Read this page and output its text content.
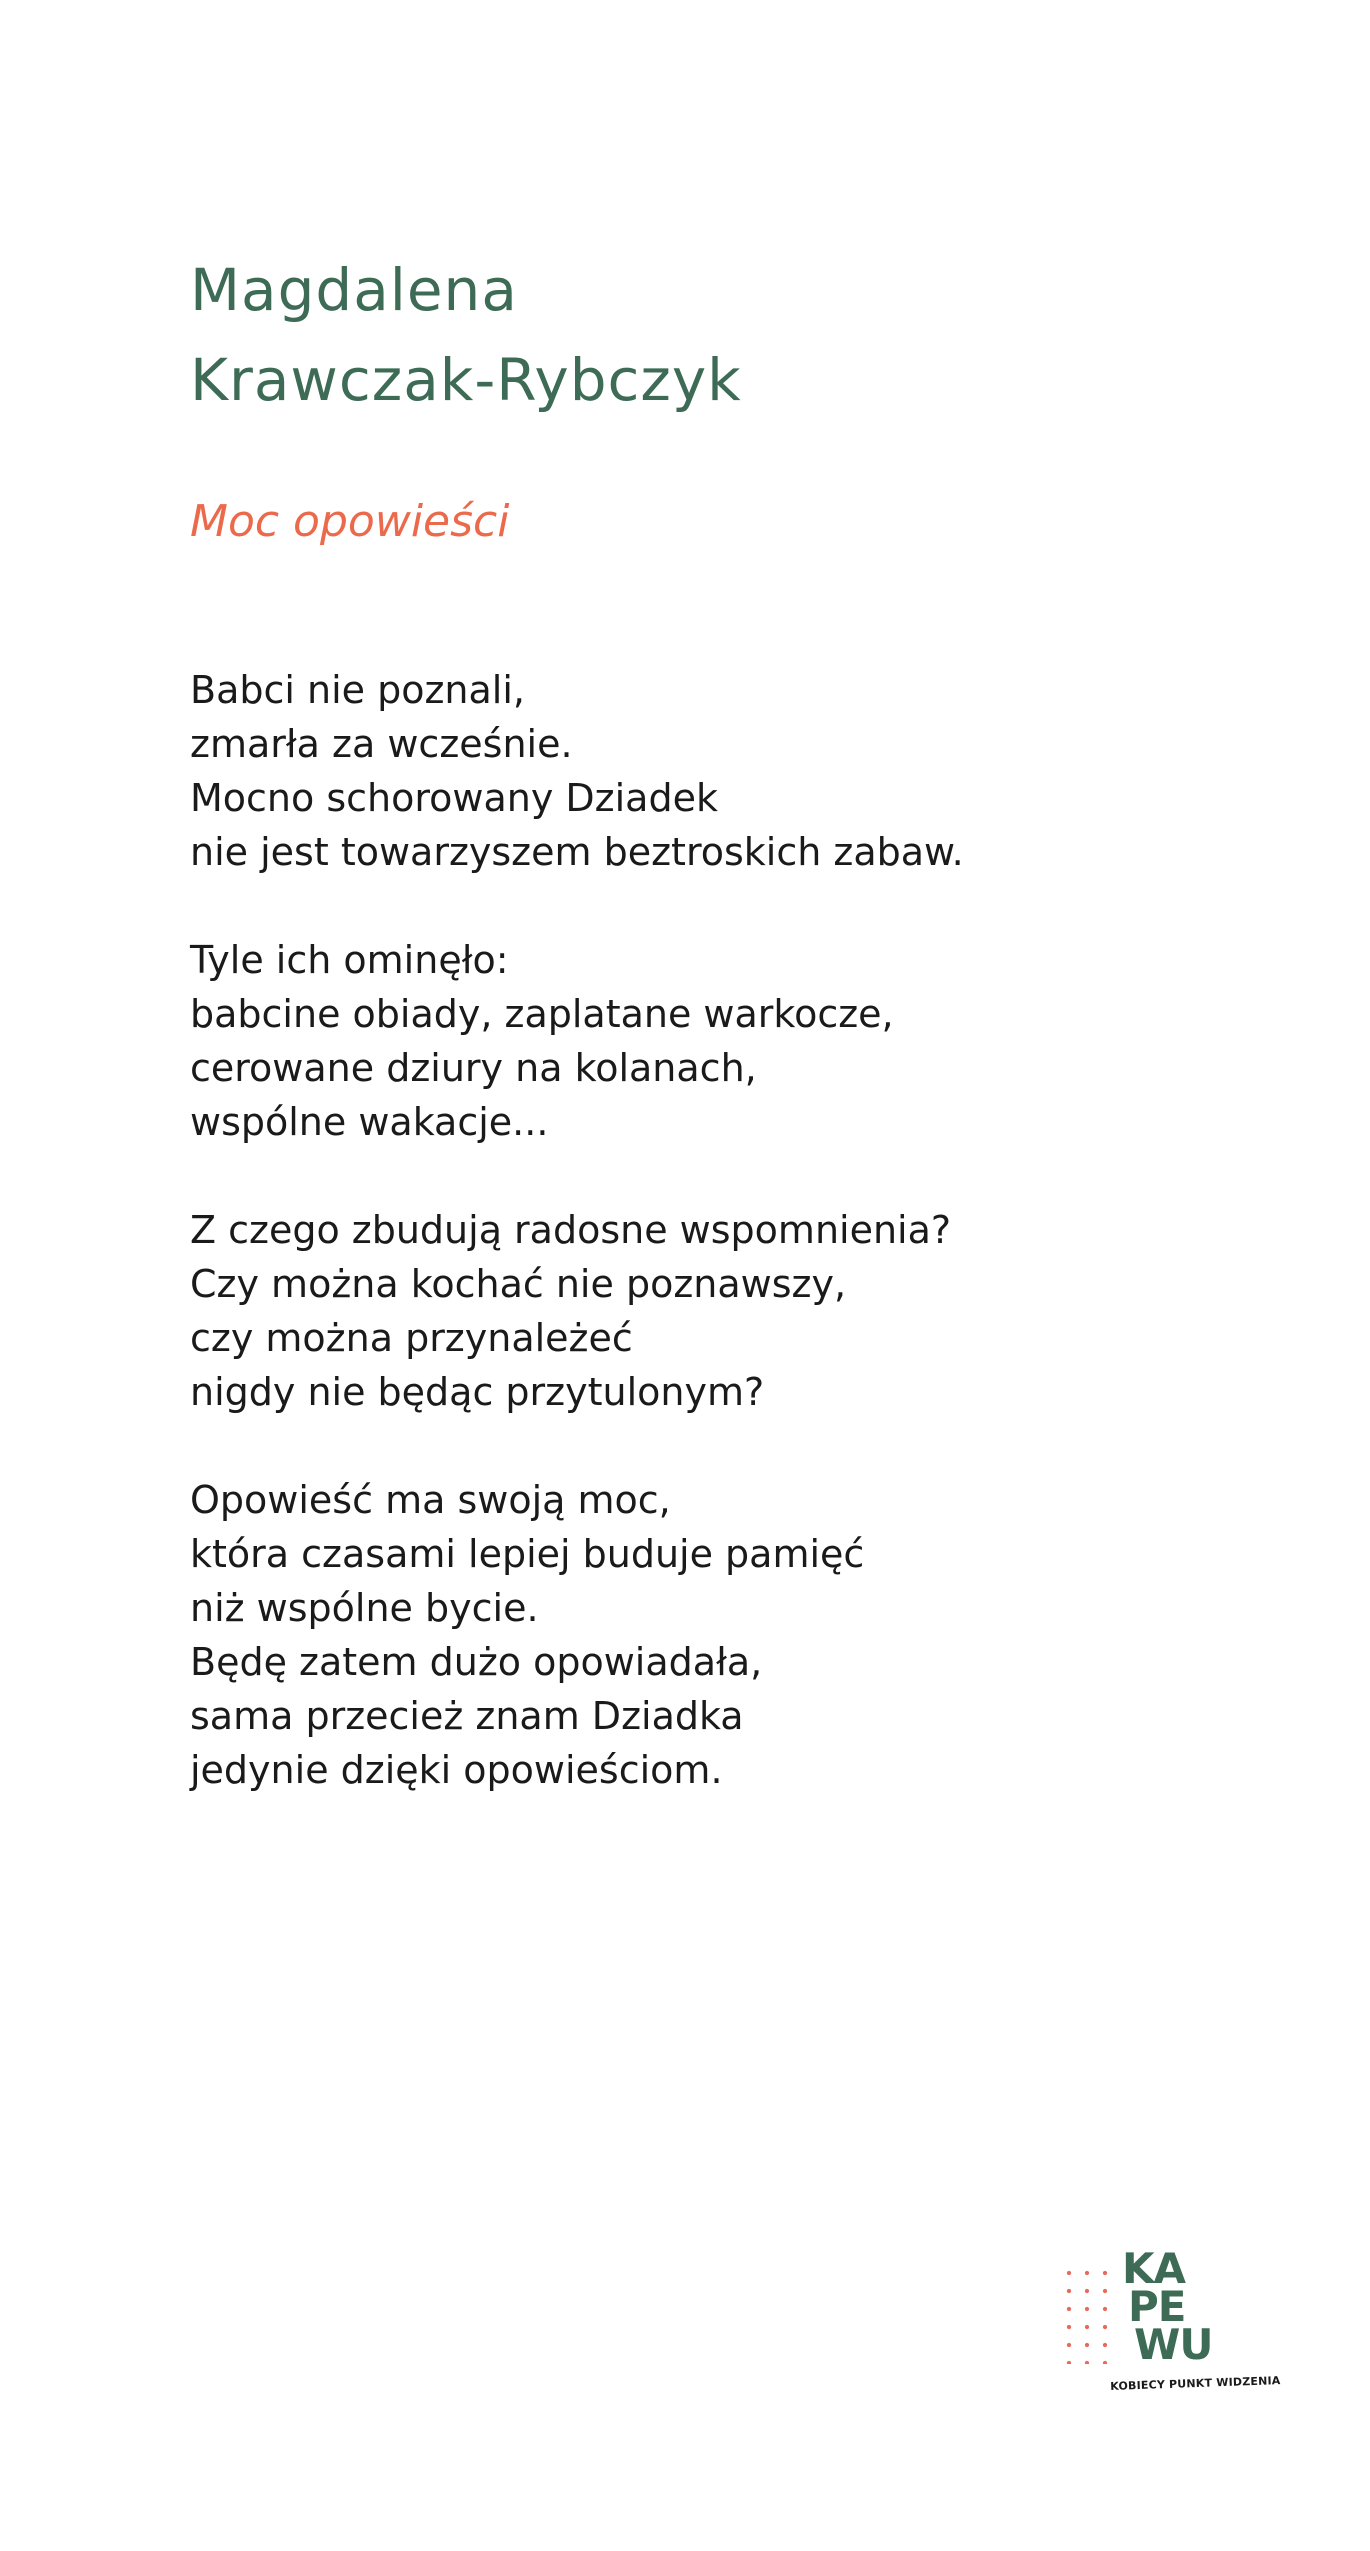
Magdalena
Krawczak-Rybczyk
Moc opowieści
Babci nie poznali,
zmarła za wcześnie.
Mocno schorowany Dziadek
nie jest towarzyszem beztroskich zabaw.
Tyle ich ominęło:
babcine obiady, zaplatane warkocze,
cerowane dziury na kolanach,
wspólne wakacje...
Z czego zbudują radosne wspomnienia?
Czy można kochać nie poznawszy,
czy można przynależeć
nigdy nie będąc przytulonym?
Opowieść ma swoją moc,
która czasami lepiej buduje pamięć
niż wspólne bycie.
Będę zatem dużo opowiadała,
sama przecież znam Dziadka
jedynie dzięki opowieściom.
KA
PE
WU
KOBIECY PUNKT WIDZENIA
